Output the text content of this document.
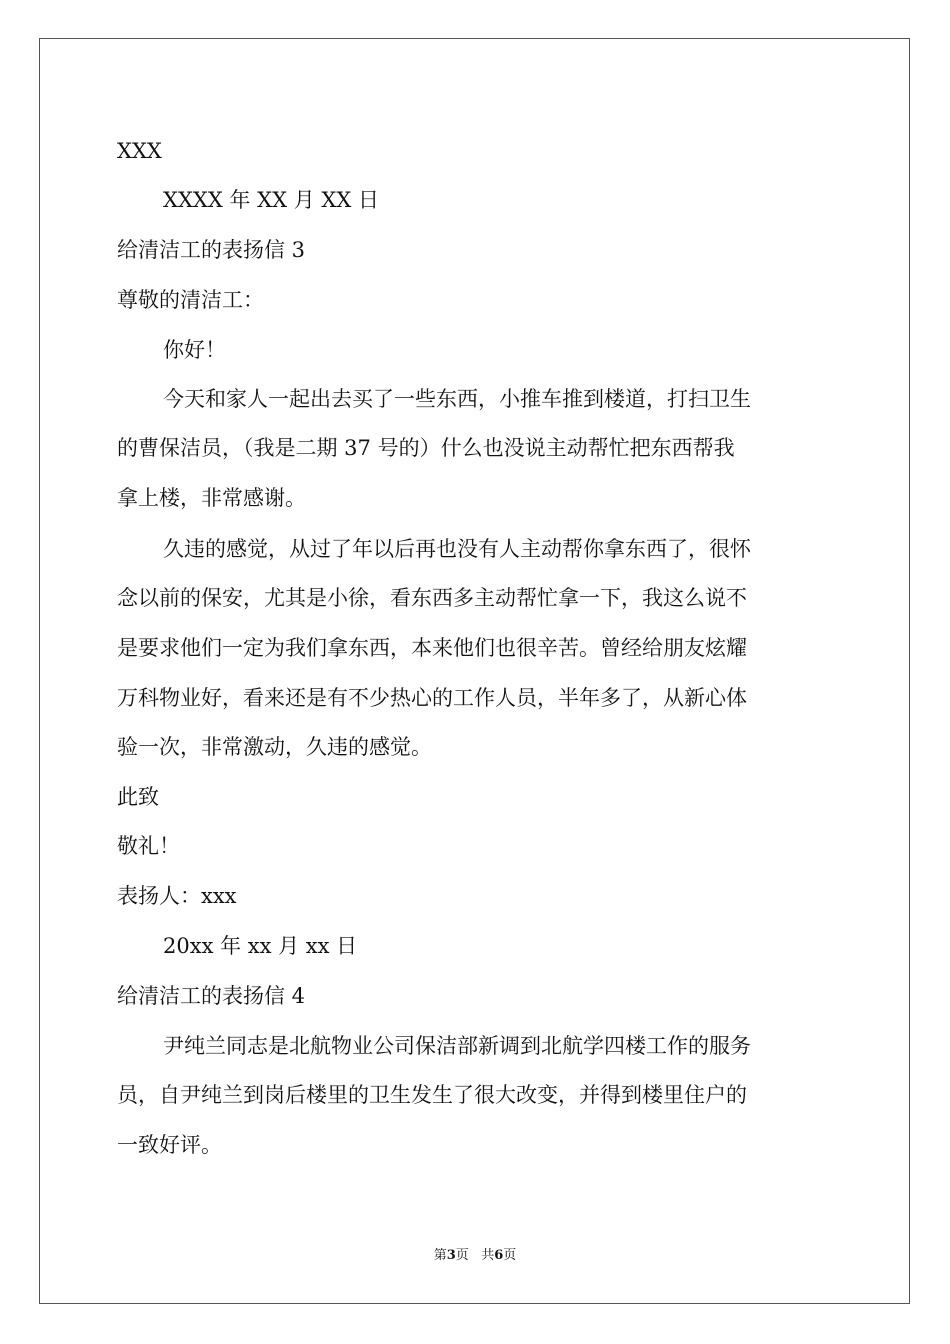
XXX
XXXX 年 XX 月 XX 日
给清洁工的表扬信 3
尊敬的清洁工：
你好！
今天和家人一起出去买了一些东西，小推车推到楼道，打扫卫生
的曹保洁员，（我是二期 37 号的）什么也没说主动帮忙把东西帮我
拿上楼，非常感谢。
久违的感觉，从过了年以后再也没有人主动帮你拿东西了，很怀
念以前的保安，尤其是小徐，看东西多主动帮忙拿一下，我这么说不
是要求他们一定为我们拿东西，本来他们也很辛苦。曾经给朋友炫耀
万科物业好，看来还是有不少热心的工作人员，半年多了，从新心体
验一次，非常激动，久违的感觉。
此致
敬礼！
表扬人：xxx
20xx 年 xx 月 xx 日
给清洁工的表扬信 4
尹纯兰同志是北航物业公司保洁部新调到北航学四楼工作的服务
员，自尹纯兰到岗后楼里的卫生发生了很大改变，并得到楼里住户的
一致好评。
第3页 共6页
